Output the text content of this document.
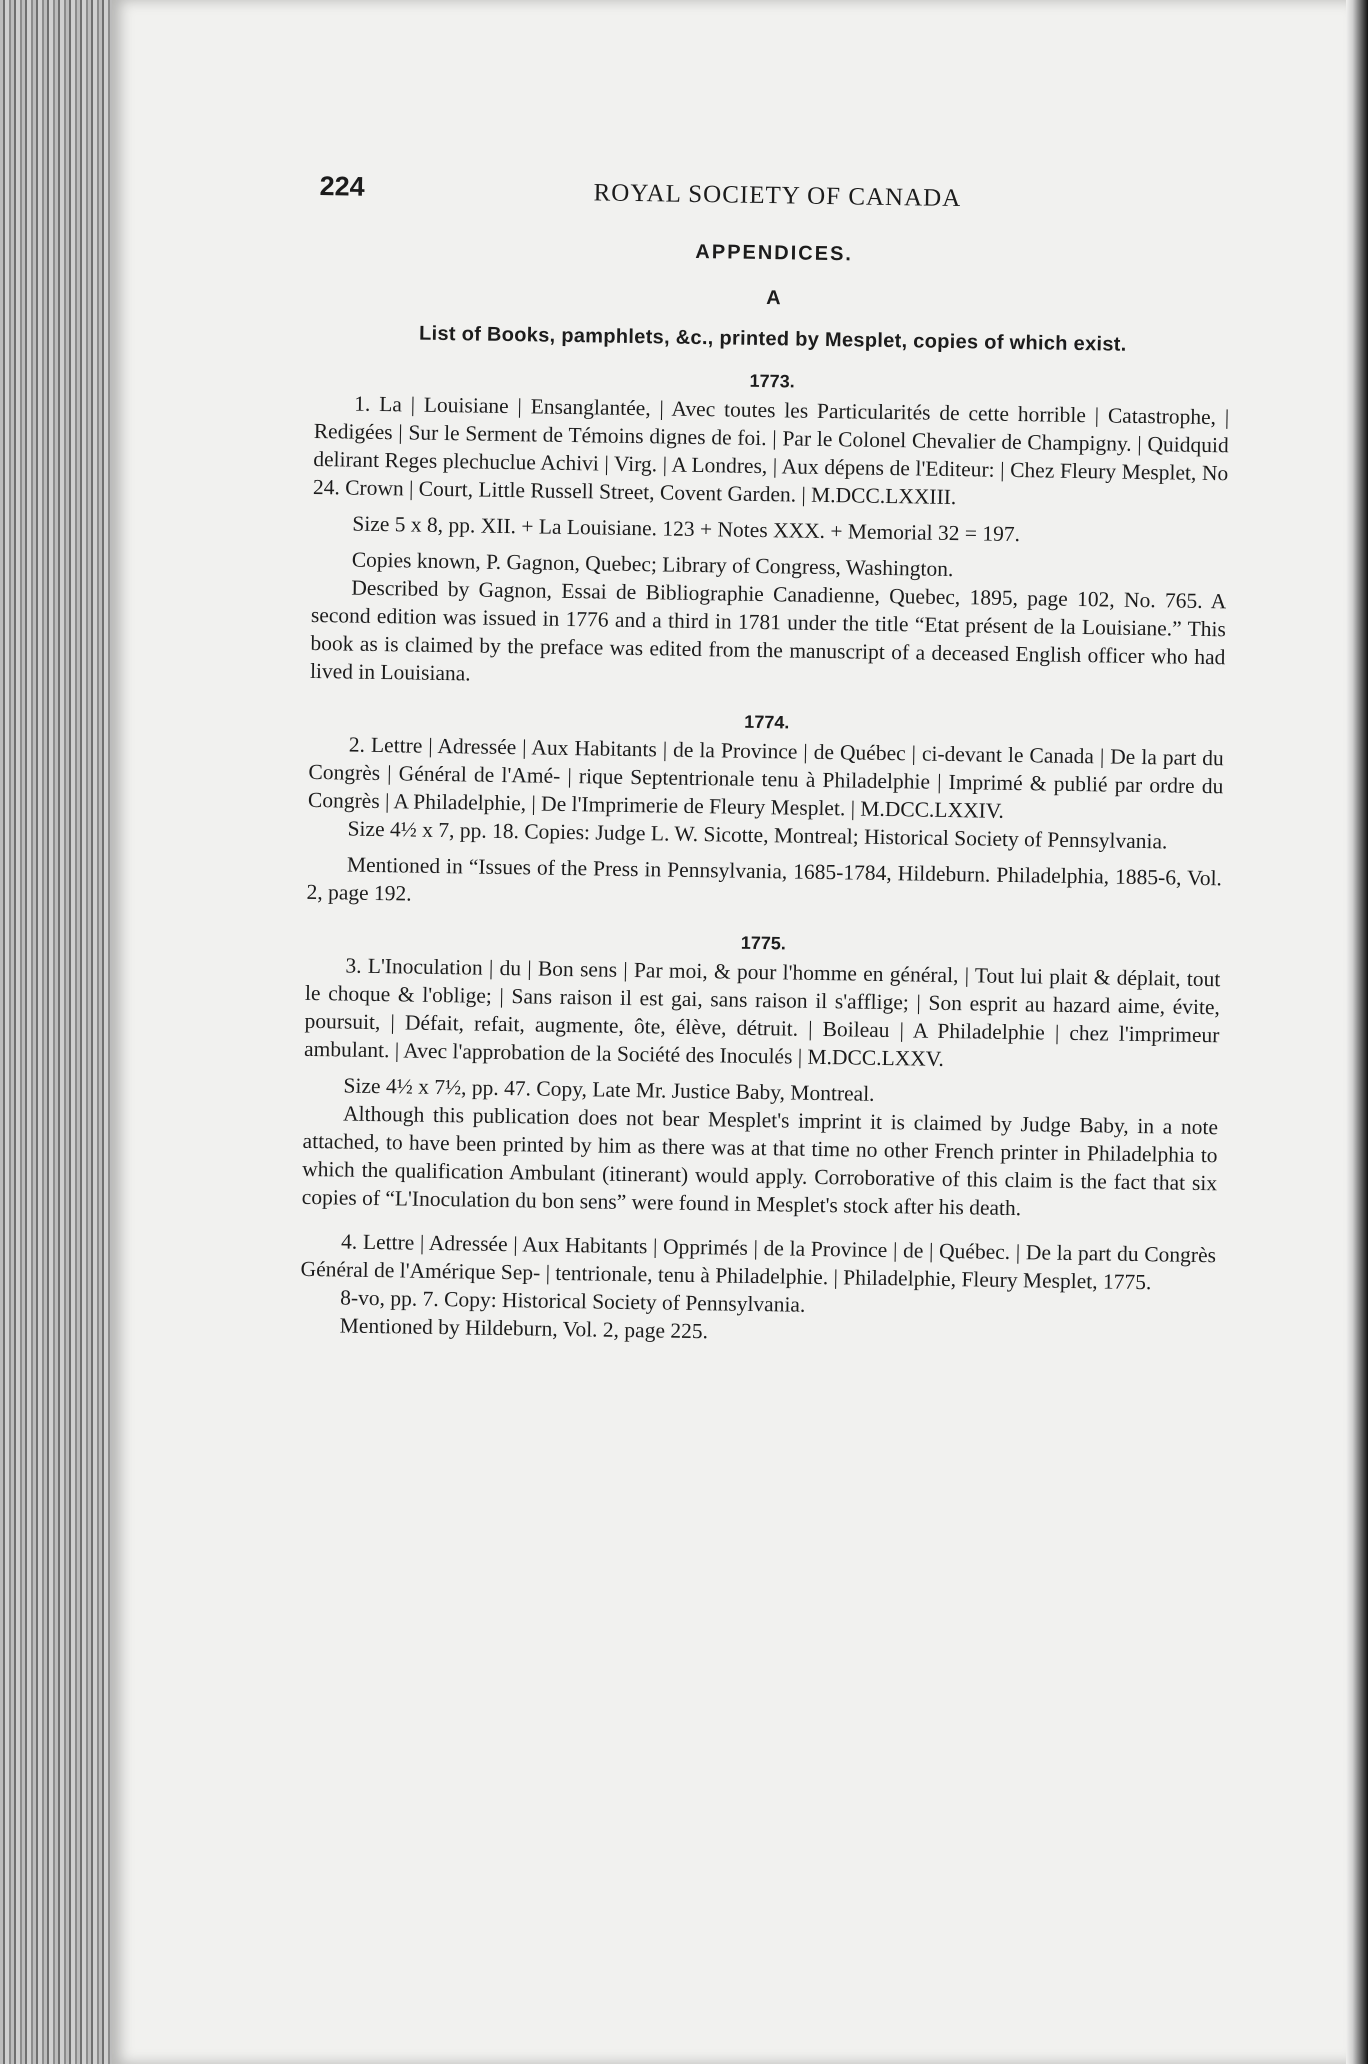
224	ROYAL SOCIETY OF CANADA
APPENDICES.
A
List of Books, pamphlets, &c., printed by Mesplet, copies of which exist.
1773.

1. La | Louisiane | Ensanglantée, | Avec toutes les Particularités de cette horrible | Catastrophe, | Redigées | Sur le Serment de Témoins dignes de foi. | Par le Colonel Chevalier de Champigny. | Quidquid delirant Reges plechuclue Achivi | Virg. | A Londres, | Aux dépens de l'Editeur: | Chez Fleury Mesplet, No 24. Crown | Court, Little Russell Street, Covent Garden. | M.DCC.LXXIII.

Size 5 x 8, pp. XII. + La Louisiane. 123 + Notes XXX. + Memorial 32 = 197.

Copies known, P. Gagnon, Quebec; Library of Congress, Washington.

Described by Gagnon, Essai de Bibliographie Canadienne, Quebec, 1895, page 102, No. 765. A second edition was issued in 1776 and a third in 1781 under the title “Etat présent de la Louisiane.” This book as is claimed by the preface was edited from the manuscript of a deceased English officer who had lived in Louisiana.

1774.

2. Lettre | Adressée | Aux Habitants | de la Province | de Québec | ci-devant le Canada | De la part du Congrès | Général de l'Amé- | rique Septentrionale tenu à Philadelphie | Imprimé & publié par ordre du Congrès | A Philadelphie, | De l'Imprimerie de Fleury Mesplet. | M.DCC.LXXIV.

Size 4½ x 7, pp. 18. Copies: Judge L. W. Sicotte, Montreal; Historical Society of Pennsylvania.

Mentioned in “Issues of the Press in Pennsylvania, 1685-1784, Hildeburn. Philadelphia, 1885-6, Vol. 2, page 192.

1775.

3. L'Inoculation | du | Bon sens | Par moi, & pour l'homme en général, | Tout lui plait & déplait, tout le choque & l'oblige; | Sans raison il est gai, sans raison il s'afflige; | Son esprit au hazard aime, évite, poursuit, | Défait, refait, augmente, ôte, élève, détruit. | Boileau | A Philadelphie | chez l'imprimeur ambulant. | Avec l'approbation de la Société des Inoculés | M.DCC.LXXV.

Size 4½ x 7½, pp. 47. Copy, Late Mr. Justice Baby, Montreal.

Although this publication does not bear Mesplet's imprint it is claimed by Judge Baby, in a note attached, to have been printed by him as there was at that time no other French printer in Philadelphia to which the qualification Ambulant (itinerant) would apply. Corroborative of this claim is the fact that six copies of “L'Inoculation du bon sens” were found in Mesplet's stock after his death.

4. Lettre | Adressée | Aux Habitants | Opprimés | de la Province | de | Québec. | De la part du Congrès Général de l'Amérique Sep- | tentrionale, tenu à Philadelphie. | Philadelphie, Fleury Mesplet, 1775.

8-vo, pp. 7. Copy: Historical Society of Pennsylvania.

Mentioned by Hildeburn, Vol. 2, page 225.
